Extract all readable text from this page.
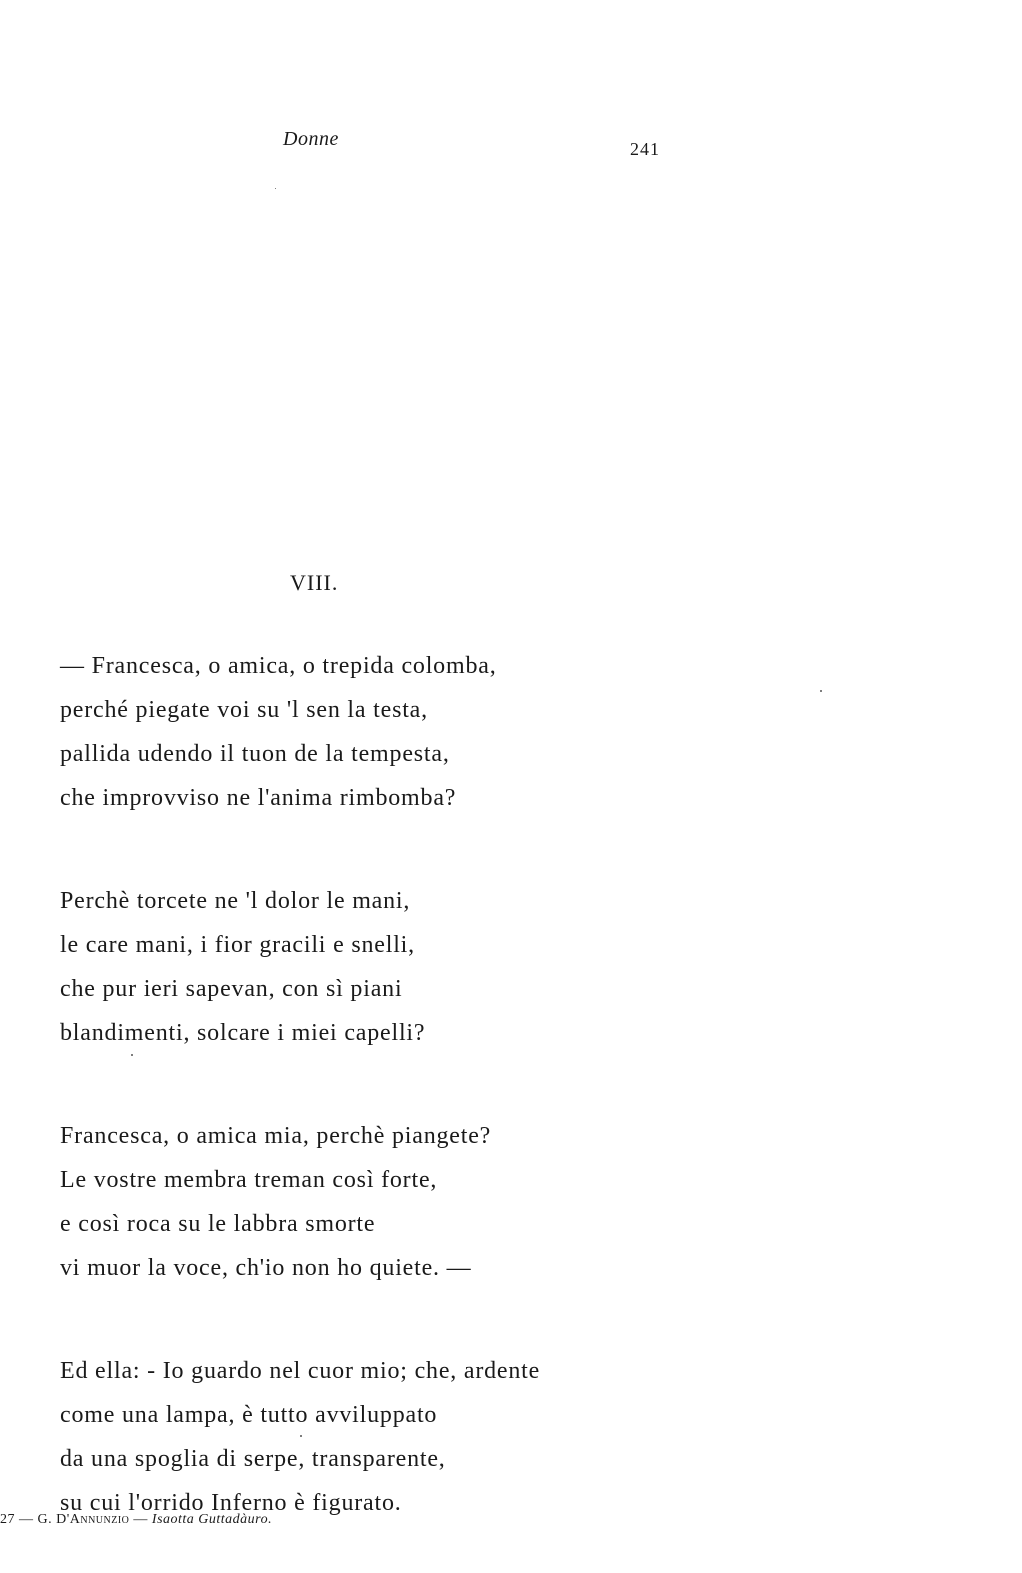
Donne	241
VIII.
— Francesca, o amica, o trepida colomba,
perché piegate voi su 'l sen la testa,
pallida udendo il tuon de la tempesta,
che improvviso ne l'anima rimbomba?
Perchè torcete ne 'l dolor le mani,
le care mani, i fior gracili e snelli,
che pur ieri sapevan, con sì piani
blandimenti, solcare i miei capelli?
Francesca, o amica mia, perchè piangete?
Le vostre membra treman così forte,
e così roca su le labbra smorte
vi muor la voce, ch'io non ho quiete. —
Ed ella: - Io guardo nel cuor mio; che, ardente
come una lampa, è tutto avviluppato
da una spoglia di serpe, transparente,
su cui l'orrido Inferno è figurato.
27 — G. D'Annunzio — Isaotta Guttadàuro.
